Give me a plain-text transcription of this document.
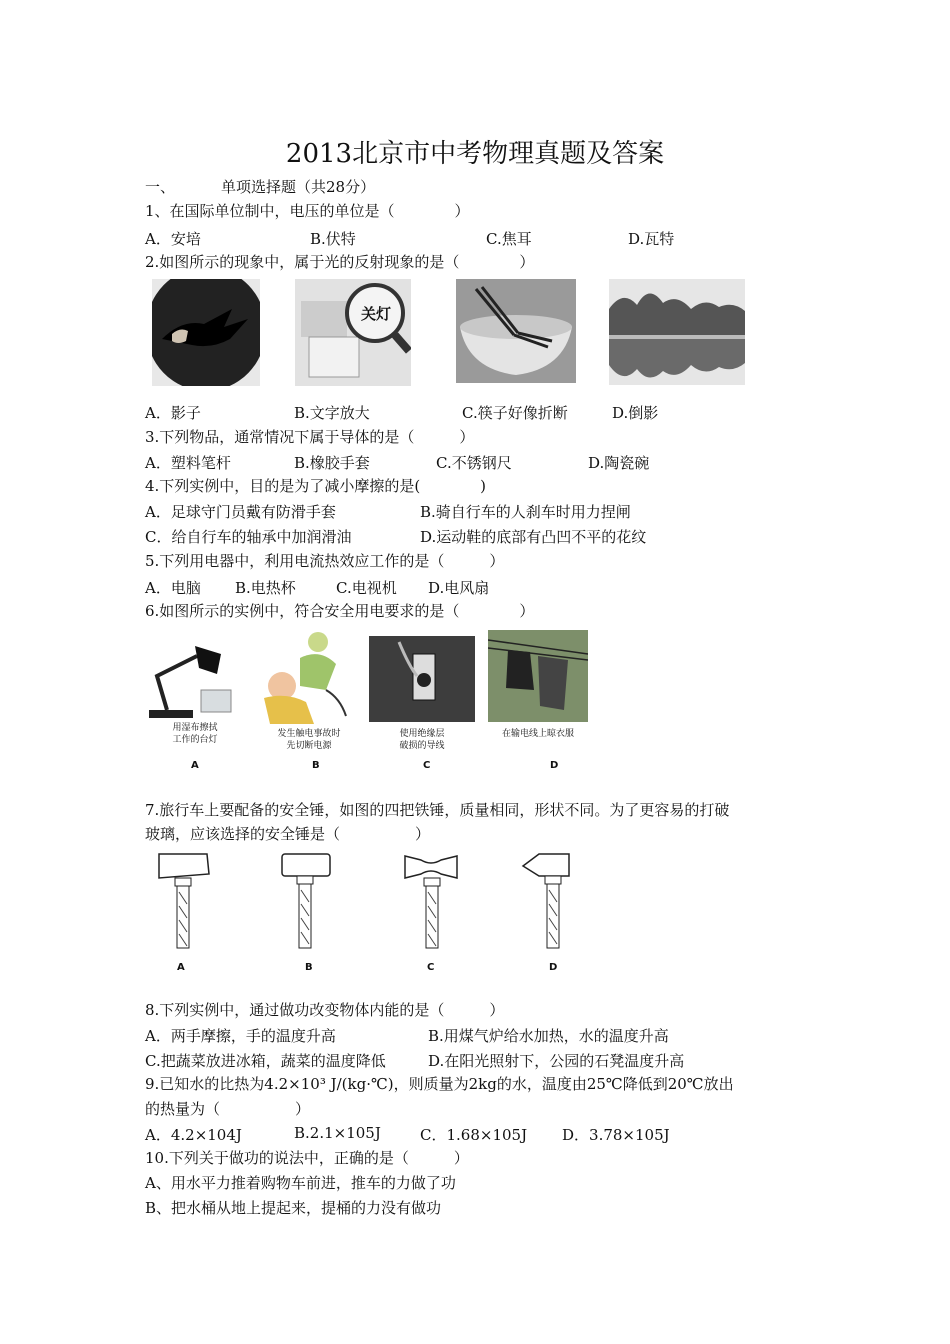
2013北京市中考物理真题及答案
一、	单项选择题（共28分）
1、在国际单位制中，电压的单位是（　　　　）
A．安培	B.伏特	C.焦耳	D.瓦特
2.如图所示的现象中，属于光的反射现象的是（　　　　）
关灯
A．影子	B.文字放大	C.筷子好像折断	D.倒影
3.下列物品，通常情况下属于导体的是（　　　）
A．塑料笔杆	B.橡胶手套	C.不锈钢尺	D.陶瓷碗
4.下列实例中，目的是为了减小摩擦的是(　　　　)
A．足球守门员戴有防滑手套	B.骑自行车的人刹车时用力捏闸
C．给自行车的轴承中加润滑油	D.运动鞋的底部有凸凹不平的花纹
5.下列用电器中，利用电流热效应工作的是（　　　）
A．电脑 B.电热杯	C.电视机 D.电风扇
6.如图所示的实例中，符合安全用电要求的是（　　　　）
用湿布擦拭
工作的台灯
发生触电事故时
先切断电源
使用绝缘层
破损的导线
在输电线上晾衣服
A	B	C	D
7.旅行车上要配备的安全锤，如图的四把铁锤，质量相同，形状不同。为了更容易的打破
玻璃，应该选择的安全锤是（　　　　　）
A	B	C	D
8.下列实例中，通过做功改变物体内能的是（　　　）
A．两手摩擦，手的温度升高	B.用煤气炉给水加热，水的温度升高
C.把蔬菜放进冰箱，蔬菜的温度降低	D.在阳光照射下，公园的石凳温度升高
9.已知水的比热为4.2×10³ J/(kg·℃)，则质量为2kg的水，温度由25℃降低到20℃放出
的热量为（　　　　　）
A．4.2×104J	B.2.1×105J	C．1.68×105J D．3.78×105J
10.下列关于做功的说法中，正确的是（　　　）
A、用水平力推着购物车前进，推车的力做了功
B、把水桶从地上提起来，提桶的力没有做功
